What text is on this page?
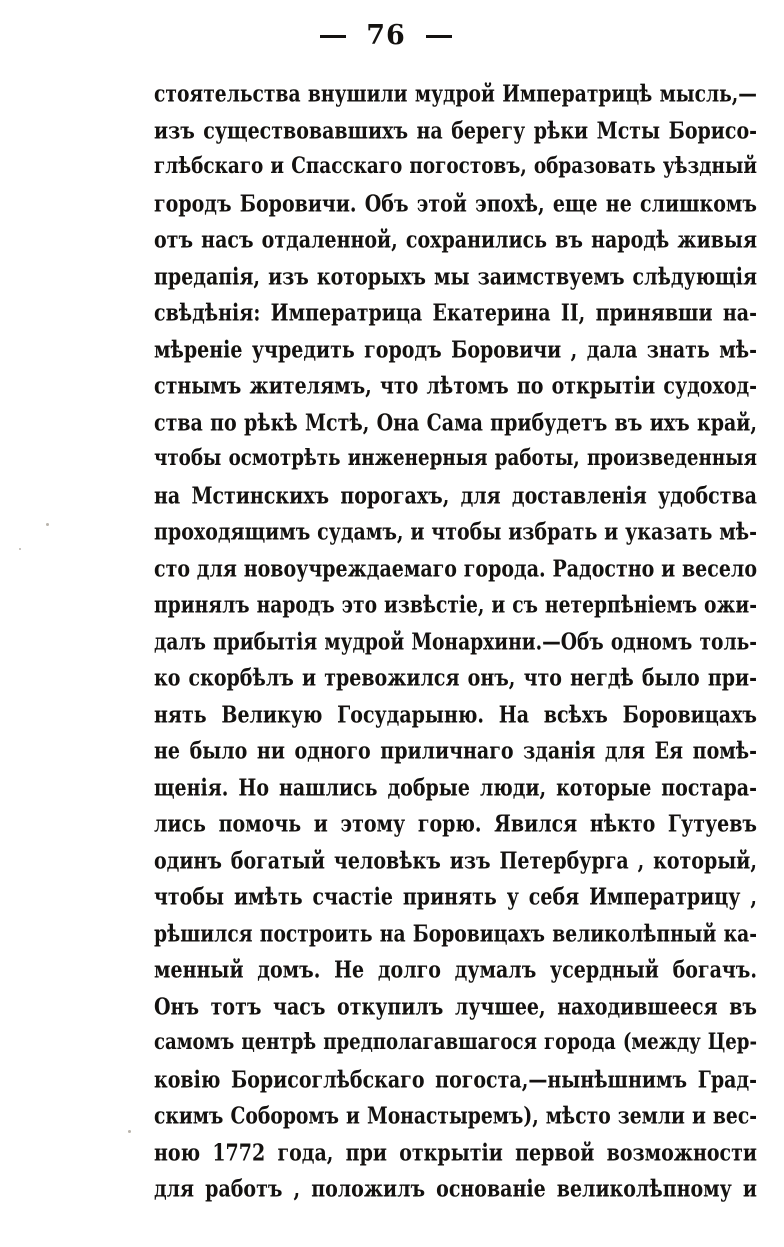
76
стоятельства внушили мудрой Императрицѣ мысль,—
изъ существовавшихъ на берегу рѣки Мсты Борисо-
глѣбскаго и Спасскаго погостовъ, образовать уѣздный
городъ Боровичи. Объ этой эпохѣ, еще не слишкомъ
отъ насъ отдаленной, сохранились въ народѣ живыя
предапія, изъ которыхъ мы заимствуемъ слѣдующія
свѣдѣнія: Императрица Екатерина II, принявши на-
мѣреніе учредить городъ Боровичи , дала знать мѣ-
стнымъ жителямъ, что лѣтомъ по открытіи судоход-
ства по рѣкѣ Мстѣ, Она Сама прибудетъ въ ихъ край,
чтобы осмотрѣть инженерныя работы, произведенныя
на Мстинскихъ порогахъ, для доставленія удобства
проходящимъ судамъ, и чтобы избрать и указать мѣ-
сто для новоучреждаемаго города. Радостно и весело
принялъ народъ это извѣстіе, и съ нетерпѣніемъ ожи-
далъ прибытія мудрой Монархини.—Объ одномъ толь-
ко скорбѣлъ и тревожился онъ, что негдѣ было при-
нять Великую Государыню. На всѣхъ Боровицахъ
не было ни одного приличнаго зданія для Ея помѣ-
щенія. Но нашлись добрые люди, которые постара-
лись помочь и этому горю. Явился нѣкто Гутуевъ
одинъ богатый человѣкъ изъ Петербурга , который,
чтобы имѣть счастіе принять у себя Императрицу ,
рѣшился построить на Боровицахъ великолѣпный ка-
менный домъ. Не долго думалъ усердный богачъ.
Онъ тотъ часъ откупилъ лучшее, находившееся въ
самомъ центрѣ предполагавшагося города (между Цер-
ковію Борисоглѣбскаго погоста,—нынѣшнимъ Град-
скимъ Соборомъ и Монастыремъ), мѣсто земли и вес-
ною 1772 года, при открытіи первой возможности
для работъ , положилъ основаніе великолѣпному и
